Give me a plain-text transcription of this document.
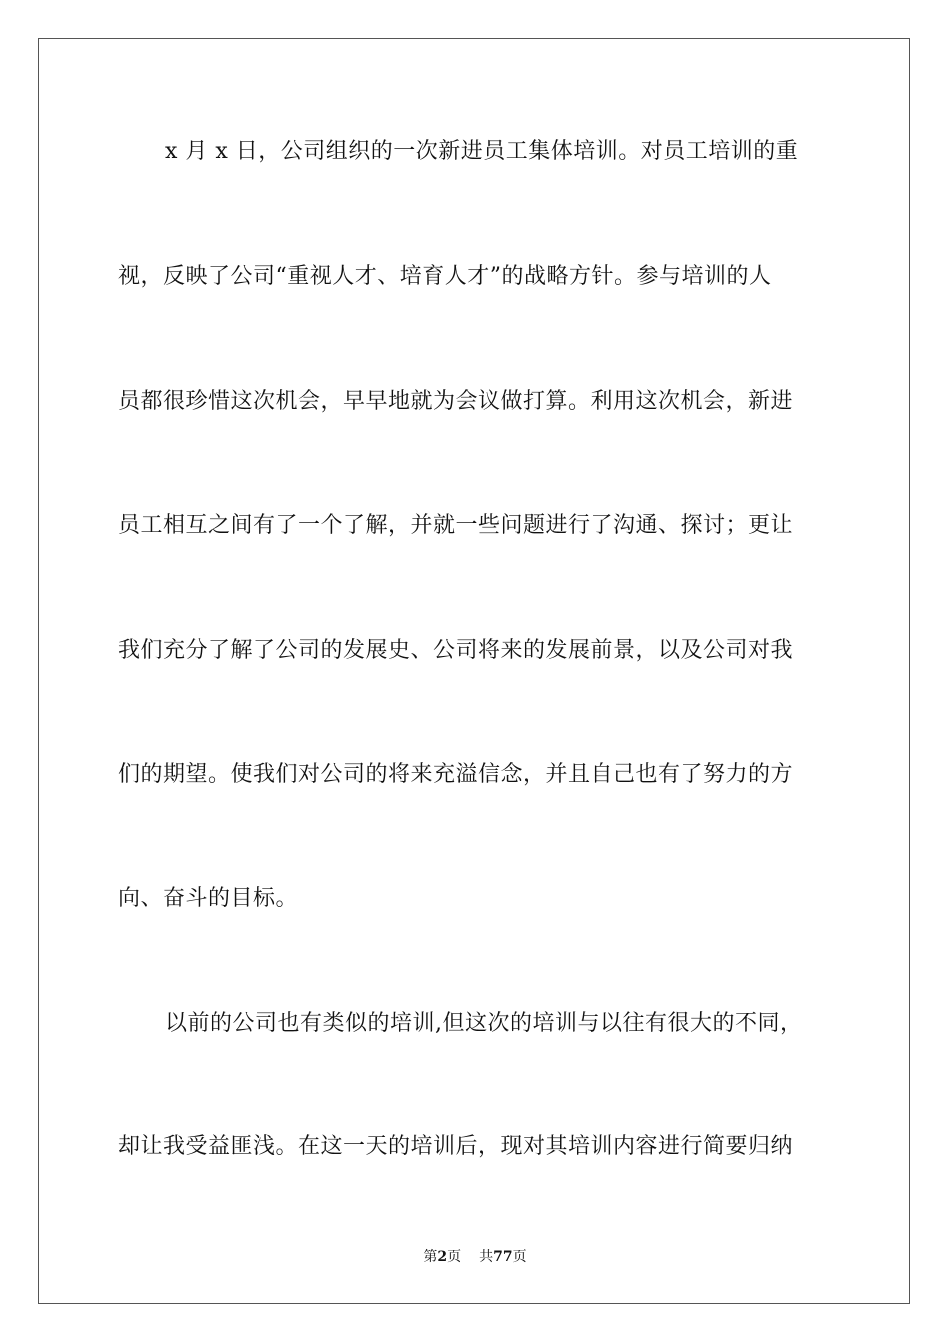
x 月 x 日，公司组织的一次新进员工集体培训。对员工培训的重
视，反映了公司“重视人才、培育人才”的战略方针。参与培训的人
员都很珍惜这次机会，早早地就为会议做打算。利用这次机会，新进
员工相互之间有了一个了解，并就一些问题进行了沟通、探讨；更让
我们充分了解了公司的发展史、公司将来的发展前景，以及公司对我
们的期望。使我们对公司的将来充溢信念，并且自己也有了努力的方
向、奋斗的目标。
以前的公司也有类似的培训,但这次的培训与以往有很大的不同，
却让我受益匪浅。在这一天的培训后，现对其培训内容进行简要归纳
第2页 共77页
